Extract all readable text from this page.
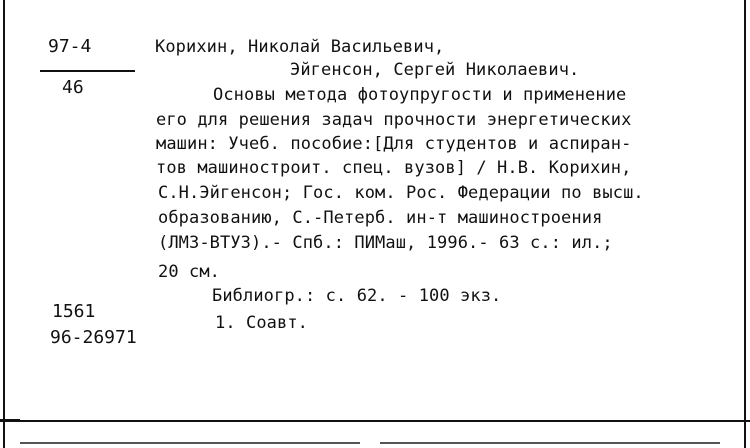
97-4
46
1561
96-26971
Корихин, Николай Васильевич,
Эйгенсон, Сергей Николаевич.
Основы метода фотоупругости и применение
его для решения задач прочности энергетических
машин: Учеб. пособие:[Для студентов и аспиран-
тов машиностроит. спец. вузов] / Н.В. Корихин,
С.Н.Эйгенсон; Гос. ком. Рос. Федерации по высш.
образованию, С.-Петерб. ин-т машиностроения
(ЛМЗ-ВТУЗ).- Спб.: ПИМаш, 1996.- 63 с.: ил.;
20 см.
Библиогр.: с. 62. - 100 экз.
1. Соавт.
